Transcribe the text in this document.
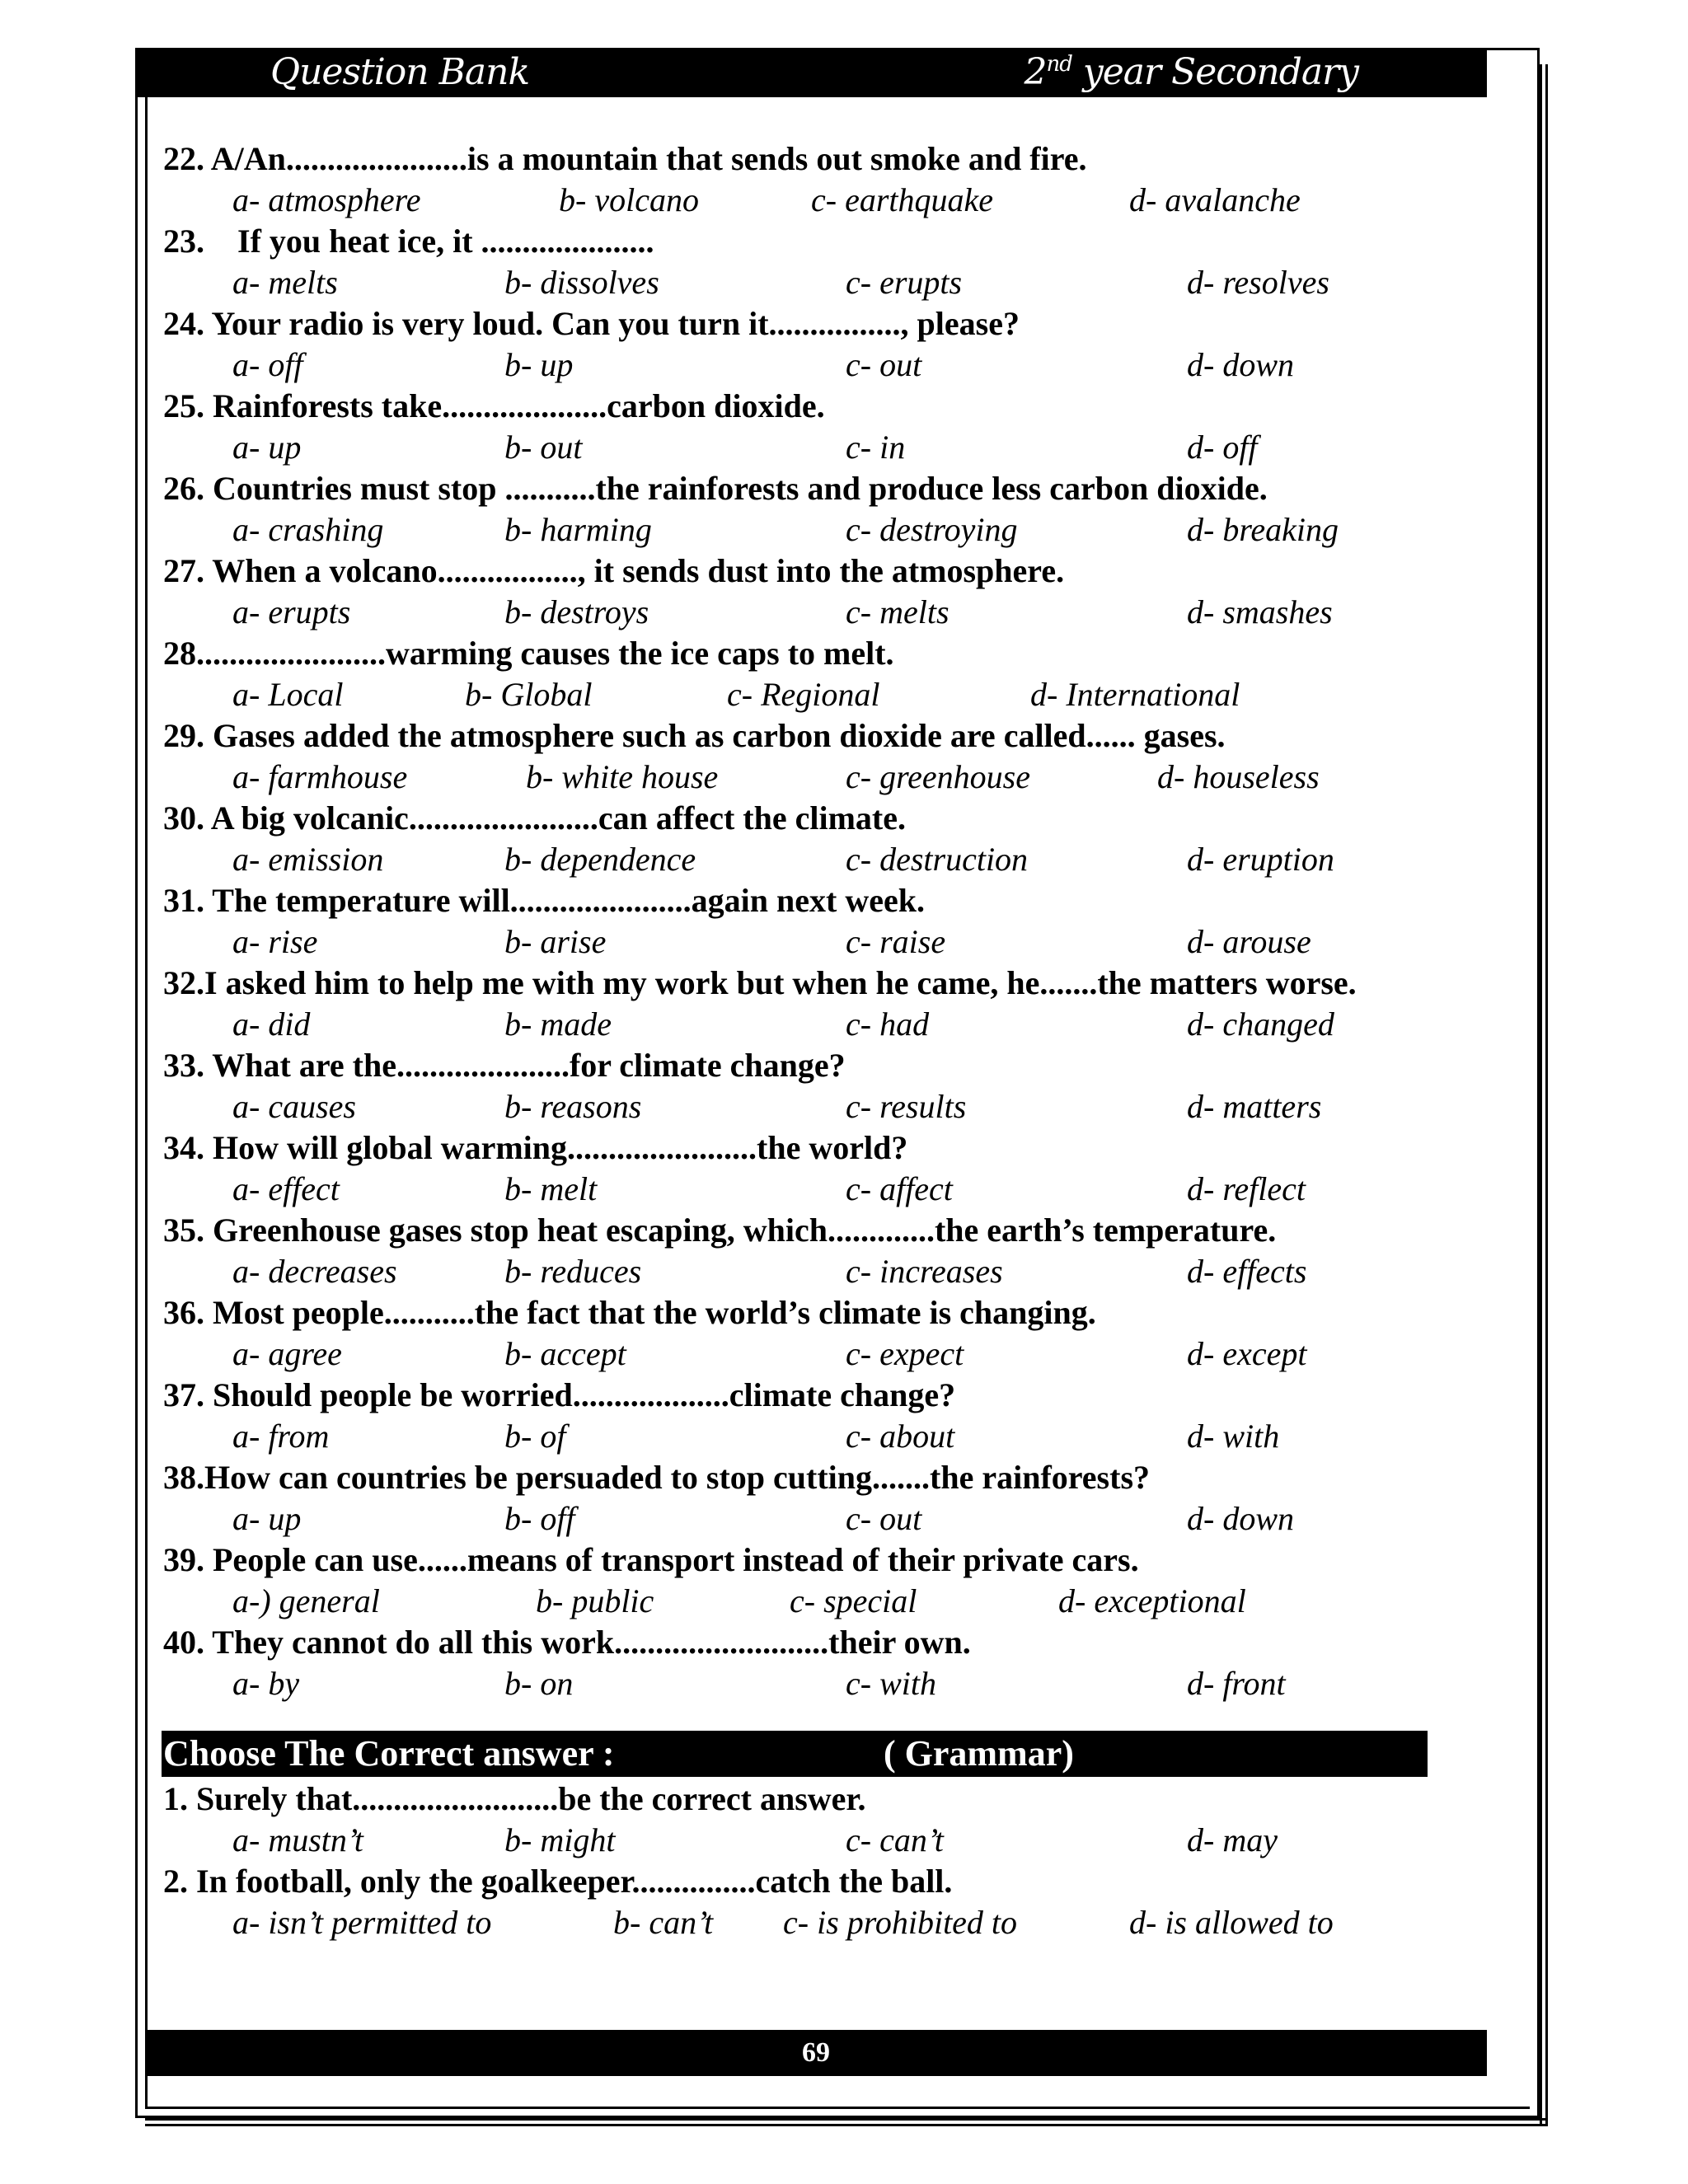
Question Bank	2nd year Secondary
22. A/An......................is a mountain that sends out smoke and fire.
a- atmosphere	b- volcano	c- earthquake	d- avalanche
23.    If you heat ice, it .....................
a- melts	b- dissolves	c- erupts	d- resolves
24. Your radio is very loud. Can you turn it................, please?
a- off	b- up	c- out	d- down
25. Rainforests take....................carbon dioxide.
a- up	b- out	c- in	d- off
26. Countries must stop ...........the rainforests and produce less carbon dioxide.
a- crashing	b- harming	c- destroying	d- breaking
27. When a volcano................., it sends dust into the atmosphere.
a- erupts	b- destroys	c- melts	d- smashes
28.......................warming causes the ice caps to melt.
a- Local	b- Global	c- Regional	d- International
29. Gases added the atmosphere such as carbon dioxide are called...... gases.
a- farmhouse	b- white house	c- greenhouse	d- houseless
30. A big volcanic.......................can affect the climate.
a- emission	b- dependence	c- destruction	d- eruption
31. The temperature will......................again next week.
a- rise	b- arise	c- raise	d- arouse
32.I asked him to help me with my work but when he came, he.......the matters worse.
a- did	b- made	c- had	d- changed
33. What are the.....................for climate change?
a- causes	b- reasons	c- results	d- matters
34. How will global warming.......................the world?
a- effect	b- melt	c- affect	d- reflect
35. Greenhouse gases stop heat escaping, which.............the earth’s temperature.
a- decreases	b- reduces	c- increases	d- effects
36. Most people...........the fact that the world’s climate is changing.
a- agree	b- accept	c- expect	d- except
37. Should people be worried...................climate change?
a- from	b- of	c- about	d- with
38.How can countries be persuaded to stop cutting.......the rainforests?
a- up	b- off	c- out	d- down
39. People can use......means of transport instead of their private cars.
a-) general	b- public	c- special	d- exceptional
40. They cannot do all this work..........................their own.
a- by	b- on	c- with	d- front
Choose The Correct answer :	( Grammar)
1. Surely that.........................be the correct answer.
a- mustn’t	b- might	c- can’t	d- may
2. In football, only the goalkeeper...............catch the ball.
a- isn’t permitted to	b- can’t c- is prohibited to	d- is allowed to
69
